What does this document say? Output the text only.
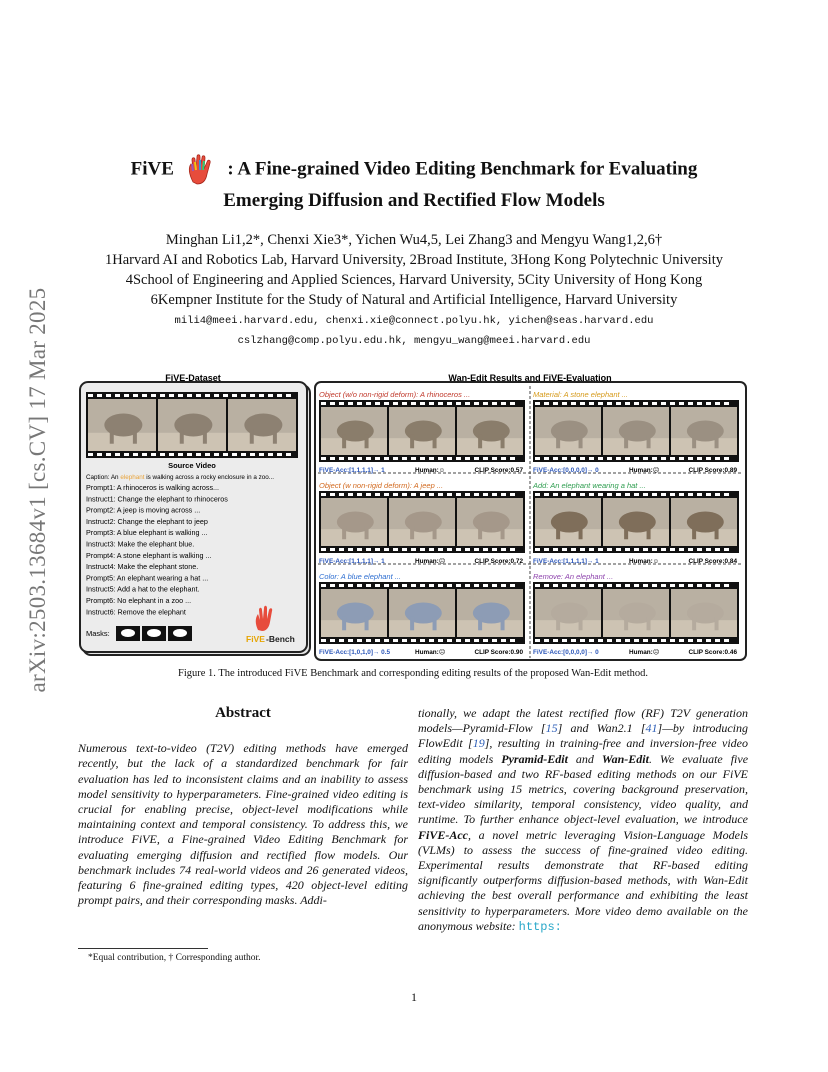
arXiv:2503.13684v1 [cs.CV] 17 Mar 2025
FiVE	: A Fine-grained Video Editing Benchmark for Evaluating
Emerging Diffusion and Rectified Flow Models
Minghan Li1,2*, Chenxi Xie3*, Yichen Wu4,5, Lei Zhang3 and Mengyu Wang1,2,6†
1Harvard AI and Robotics Lab, Harvard University, 2Broad Institute, 3Hong Kong Polytechnic University
4School of Engineering and Applied Sciences, Harvard University, 5City University of Hong Kong
6Kempner Institute for the Study of Natural and Artificial Intelligence, Harvard University
mili4@meei.harvard.edu, chenxi.xie@connect.polyu.hk, yichen@seas.harvard.edu
cslzhang@comp.polyu.edu.hk, mengyu_wang@meei.harvard.edu
FiVE-Dataset
Source Video
Caption: An elephant is walking across a rocky enclosure in a zoo...
Prompt1: A rhinoceros is walking across...
Instruct1: Change the elephant to rhinoceros
Prompt2: A jeep is moving across ...
Instruct2: Change the elephant to jeep
Prompt3: A blue elephant is walking ...
Instruct3: Make the elephant blue.
Prompt4: A stone elephant is walking ...
Instruct4: Make the elephant stone.
Prompt5: An elephant wearing a hat ...
Instruct5: Add a hat to the elephant.
Prompt6: No elephant in a zoo ...
Instruct6: Remove the elephant
Masks:
FiVE -Bench
Wan-Edit Results and FiVE-Evaluation
Object (w/o non-rigid deform): A rhinoceros ...
FiVE-Acc:[1,1,1,1]→ 1	Human:☺	CLIP Score:0.57
Material: A stone elephant ...
FiVE-Acc:[0,0,0,0]→ 0	Human:☹	CLIP Score:0.89
Object (w non-rigid deform): A jeep ...
FiVE-Acc:[1,1,1,1]→ 1	Human:☹	CLIP Score:0.72
Add: An elephant wearing a hat ...
FiVE-Acc:[1,1,1,1]→ 1	Human:☺	CLIP Score:0.84
Color: A blue elephant ...
FiVE-Acc:[1,0,1,0]→ 0.5	Human:☹	CLIP Score:0.90
Remove: An elephant ...
FiVE-Acc:[0,0,0,0]→ 0	Human:☹	CLIP Score:0.46
Figure 1. The introduced FiVE Benchmark and corresponding editing results of the proposed Wan-Edit method.
Abstract
Numerous text-to-video (T2V) editing methods have emerged recently, but the lack of a standardized benchmark for fair evaluation has led to inconsistent claims and an inability to assess model sensitivity to hyperparameters. Fine-grained video editing is crucial for enabling precise, object-level modifications while maintaining context and temporal consistency. To address this, we introduce FiVE, a Fine-grained Video Editing Benchmark for evaluating emerging diffusion and rectified flow models. Our benchmark includes 74 real-world videos and 26 generated videos, featuring 6 fine-grained editing types, 420 object-level editing prompt pairs, and their corresponding masks. Addi-
tionally, we adapt the latest rectified flow (RF) T2V generation models—Pyramid-Flow [15] and Wan2.1 [41]—by introducing FlowEdit [19], resulting in training-free and inversion-free video editing models Pyramid-Edit and Wan-Edit. We evaluate five diffusion-based and two RF-based editing methods on our FiVE benchmark using 15 metrics, covering background preservation, text-video similarity, temporal consistency, video quality, and runtime. To further enhance object-level evaluation, we introduce FiVE-Acc, a novel metric leveraging Vision-Language Models (VLMs) to assess the success of fine-grained video editing. Experimental results demonstrate that RF-based editing significantly outperforms diffusion-based methods, with Wan-Edit achieving the best overall performance and exhibiting the least sensitivity to hyperparameters. More video demo available on the anonymous website: https:
*Equal contribution, † Corresponding author.
1
